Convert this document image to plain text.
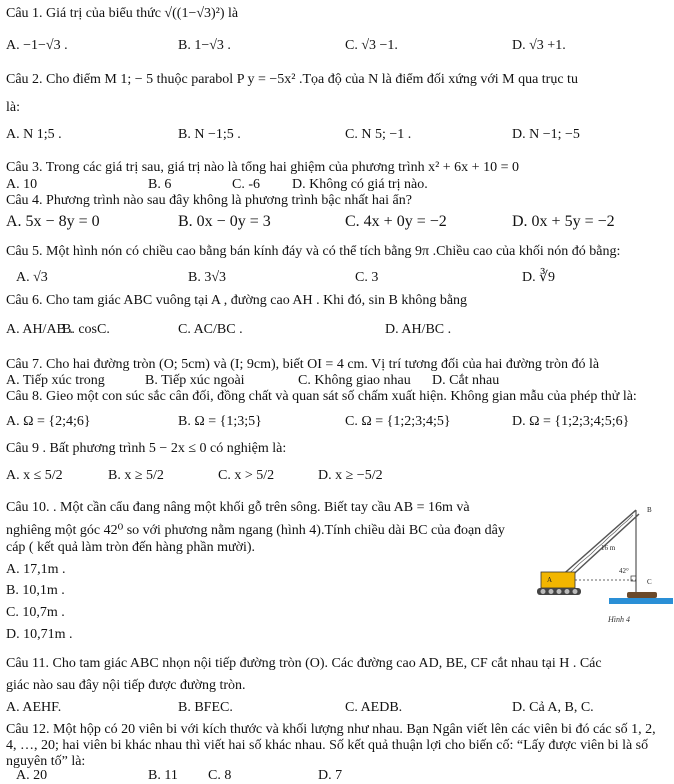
Câu 1. Giá trị của biểu thức √((1−√3)²) là
A. −1−√3 .	B. 1−√3 .	C. √3 −1.	D. √3 +1.
Câu 2. Cho điểm M 1; − 5 thuộc parabol P y = −5x² .Tọa độ của N là điểm đối xứng với M qua trục tu
là:
A. N 1;5 .	B. N −1;5 .	C. N 5; −1 .	D. N −1; −5
Câu 3. Trong các giá trị sau, giá trị nào là tổng hai ghiệm của phương trình x² + 6x + 10 = 0
A. 10	B. 6	C. -6 D. Không có giá trị nào.
Câu 4. Phương trình nào sau đây không là phương trình bậc nhất hai ẩn?
A. 5x − 8y = 0	B. 0x − 0y = 3	C. 4x + 0y = −2	D. 0x + 5y = −2
Câu 5. Một hình nón có chiều cao bằng bán kính đáy và có thể tích bằng 9π .Chiều cao của khối nón đó bằng:
A. √3	B. 3√3	C. 3	D. ∛9
Câu 6. Cho tam giác ABC vuông tại A , đường cao AH . Khi đó, sin B không bằng
A. AH/AB .
B. cosC.	C. AC/BC .	D. AH/BC .
Câu 7. Cho hai đường tròn (O; 5cm) và (I; 9cm), biết OI = 4 cm. Vị trí tương đối của hai đường tròn đó là
A. Tiếp xúc trong	B. Tiếp xúc ngoài	C. Không giao nhau D. Cắt nhau
Câu 8. Gieo một con súc sắc cân đối, đồng chất và quan sát số chấm xuất hiện. Không gian mẫu của phép thử là:
A. Ω = {2;4;6}	B. Ω = {1;3;5}	C. Ω = {1;2;3;4;5}	D. Ω = {1;2;3;4;5;6}
Câu 9 . Bất phương trình 5 − 2x ≤ 0 có nghiệm là:
A. x ≤ 5/2	B. x ≥ 5/2	C. x > 5/2	D. x ≥ −5/2
Câu 10. . Một cần cẩu đang nâng một khối gỗ trên sông. Biết tay cầu AB = 16m và
nghiêng một góc 42⁰ so với phương nằm ngang (hình 4).Tính chiều dài BC của đoạn dây
cáp ( kết quả làm tròn đến hàng phần mười).
A. 17,1m .
B. 10,1m .
C. 10,7m .
D. 10,71m .
16 m
42°
A
B
C
Hình 4
Câu 11. Cho tam giác ABC nhọn nội tiếp đường tròn (O). Các đường cao AD, BE, CF cắt nhau tại H . Các
giác nào sau đây nội tiếp được đường tròn.
A. AEHF.	B. BFEC.	C. AEDB.	D. Cả A, B, C.
Câu 12. Một hộp có 20 viên bi với kích thước và khối lượng như nhau. Bạn Ngân viết lên các viên bi đó các số 1, 2,
4, …, 20; hai viên bi khác nhau thì viết hai số khác nhau. Số kết quả thuận lợi cho biến cố: “Lấy được viên bi là số
nguyên tố” là:
A. 20	B. 11 C. 8	D. 7
